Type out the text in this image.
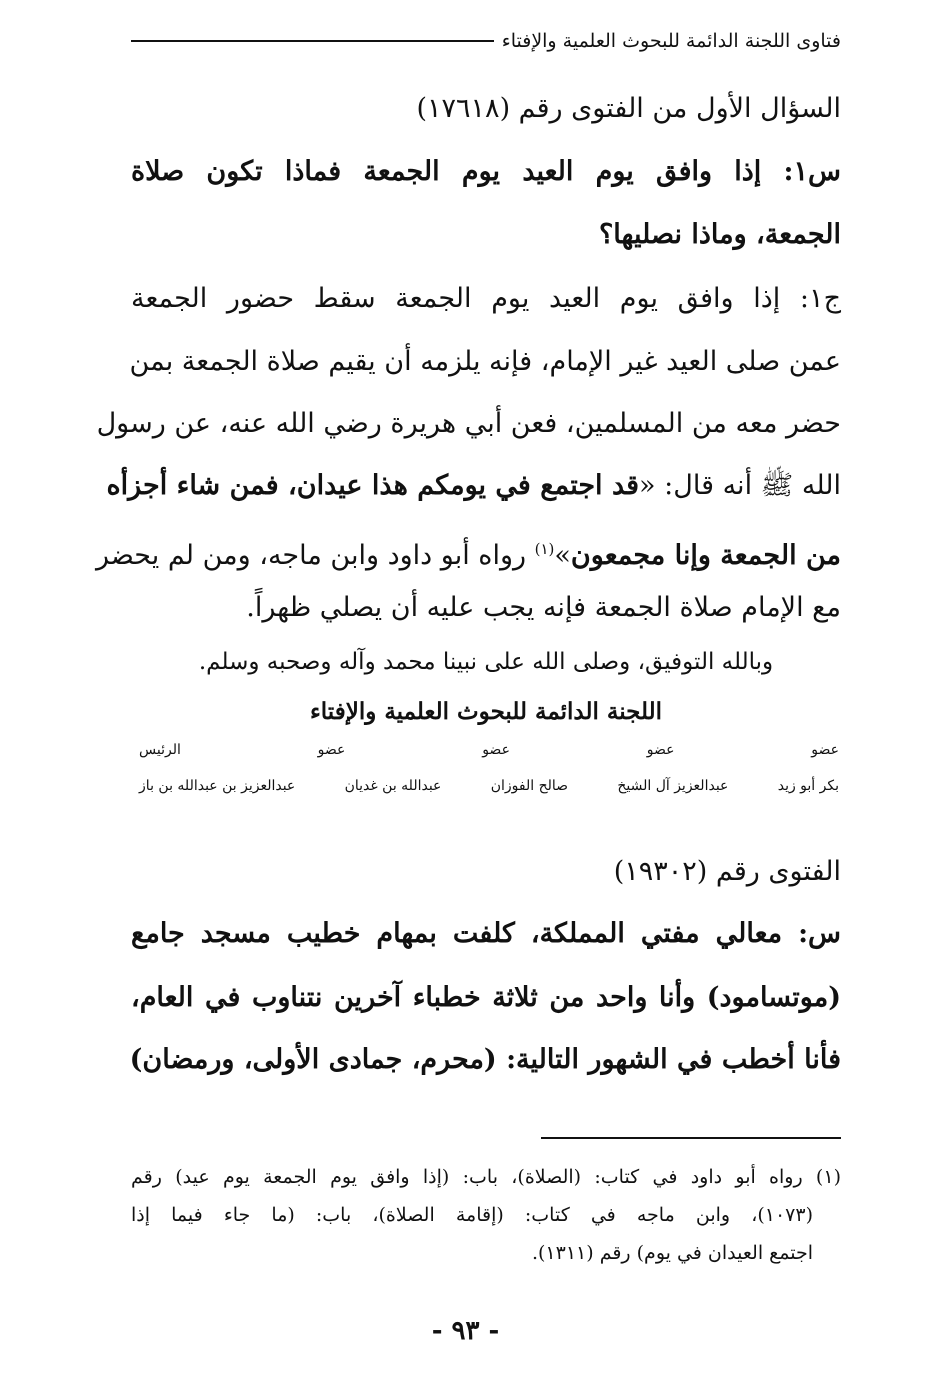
فتاوى اللجنة الدائمة للبحوث العلمية والإفتاء
السؤال الأول من الفتوى رقم (١٧٦١٨)
س١: إذا وافق يوم العيد يوم الجمعة فماذا تكون صلاة
الجمعة، وماذا نصليها؟
ج١: إذا وافق يوم العيد يوم الجمعة سقط حضور الجمعة
عمن صلى العيد غير الإمام، فإنه يلزمه أن يقيم صلاة الجمعة بمن
حضر معه من المسلمين، فعن أبي هريرة رضي الله عنه، عن رسول
الله ﷺ أنه قال: «قد اجتمع في يومكم هذا عيدان، فمن شاء أجزأه
من الجمعة وإنا مجمعون»$^{(١)}$ رواه أبو داود وابن ماجه، ومن لم يحضر
مع الإمام صلاة الجمعة فإنه يجب عليه أن يصلي ظهراً.
وبالله التوفيق، وصلى الله على نبينا محمد وآله وصحبه وسلم.
اللجنة الدائمة للبحوث العلمية والإفتاء
عضو
عضو
عضو
عضو
الرئيس
بكر أبو زيد
عبدالعزيز آل الشيخ
صالح الفوزان
عبدالله بن غديان
عبدالعزيز بن عبدالله بن باز
الفتوى رقم (١٩٣٠٢)
س: معالي مفتي المملكة، كلفت بمهام خطيب مسجد جامع
(موتسامود) وأنا واحد من ثلاثة خطباء آخرين نتناوب في العام،
فأنا أخطب في الشهور التالية: (محرم، جمادى الأولى، ورمضان)
(١) رواه أبو داود في كتاب: (الصلاة)، باب: (إذا وافق يوم الجمعة يوم عيد) رقم
(١٠٧٣)، وابن ماجه في كتاب: (إقامة الصلاة)، باب: (ما جاء فيما إذا
اجتمع العيدان في يوم) رقم (١٣١١).
- ٩٣ -
